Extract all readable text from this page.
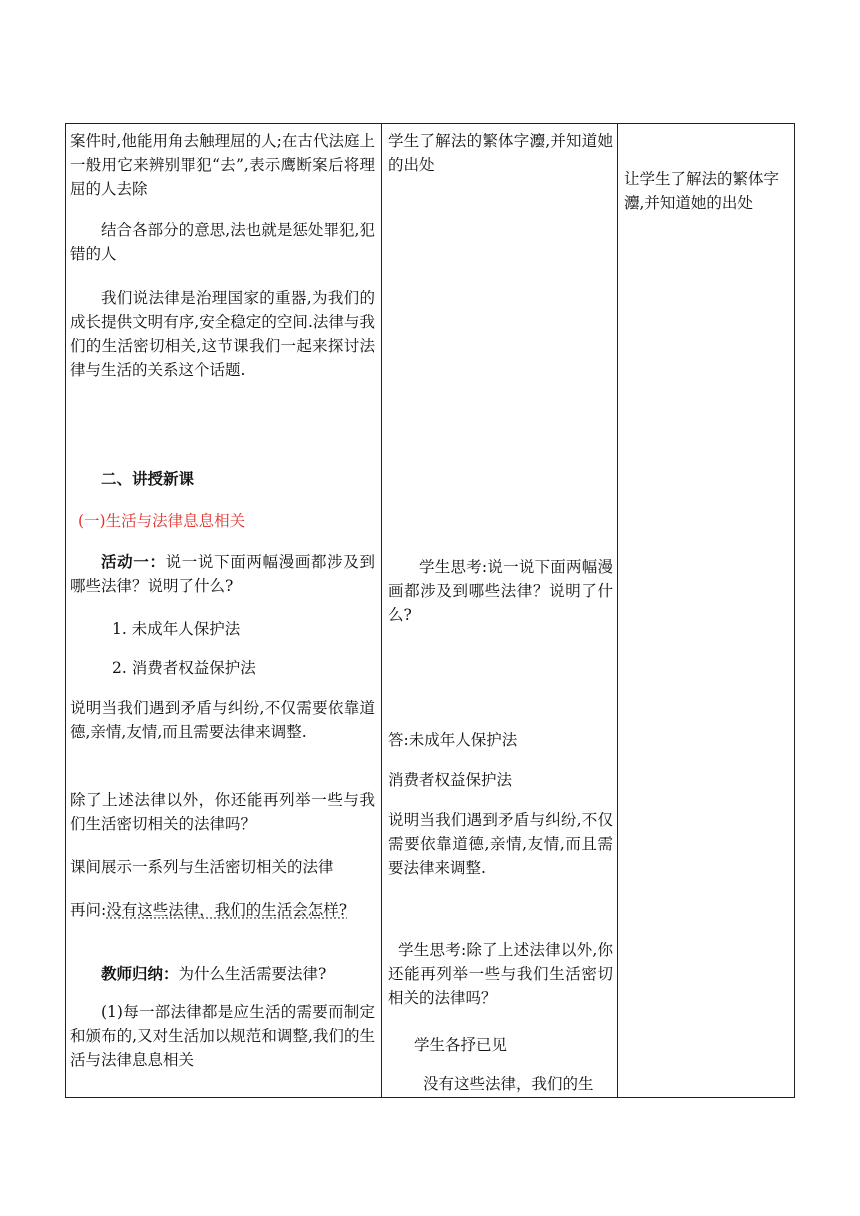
案件时,他能用角去触理屈的人;在古代法庭上一般用它来辨别罪犯“去”,表示鹰断案后将理屈的人去除

结合各部分的意思,法也就是惩处罪犯,犯错的人

我们说法律是治理国家的重器,为我们的成长提供文明有序,安全稳定的空间.法律与我们的生活密切相关,这节课我们一起来探讨法律与生活的关系这个话题.

二、讲授新课

(一)生活与法律息息相关

活动一：说一说下面两幅漫画都涉及到哪些法律？说明了什么?

1. 未成年人保护法

2. 消费者权益保护法

说明当我们遇到矛盾与纠纷,不仅需要依靠道德,亲情,友情,而且需要法律来调整.

除了上述法律以外，你还能再列举一些与我们生活密切相关的法律吗？

课间展示一系列与生活密切相关的法律

再问:没有这些法律，我们的生活会怎样?

教师归纳：为什么生活需要法律?

(1)每一部法律都是应生活的需要而制定和颁布的,又对生活加以规范和调整,我们的生活与法律息息相关

学生了解法的繁体字灋,并知道她的出处

学生思考:说一说下面两幅漫画都涉及到哪些法律？说明了什么?

答:未成年人保护法

消费者权益保护法

说明当我们遇到矛盾与纠纷,不仅需要依靠道德,亲情,友情,而且需要法律来调整.

学生思考:除了上述法律以外,你还能再列举一些与我们生活密切相关的法律吗？

学生各抒已见

没有这些法律，我们的生

让学生了解法的繁体字灋,并知道她的出处
